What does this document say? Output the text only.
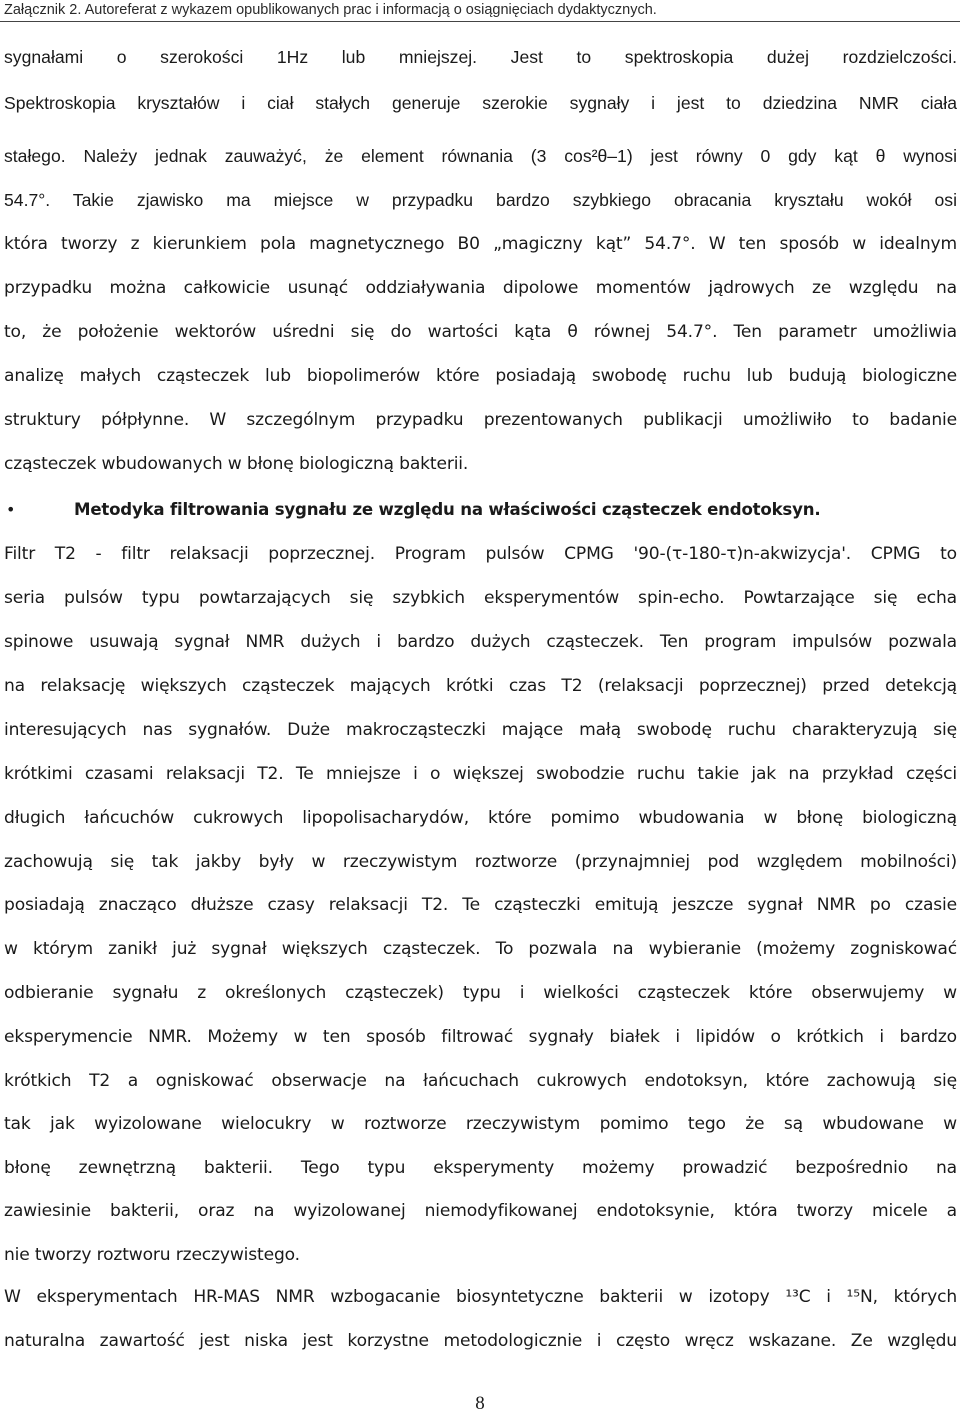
Załącznik 2. Autoreferat z wykazem opublikowanych prac i informacją o osiągnięciach dydaktycznych.
sygnałami o szerokości 1Hz lub mniejszej. Jest to spektroskopia dużej rozdzielczości.
Spektroskopia kryształów i ciał stałych generuje szerokie sygnały i jest to dziedzina NMR ciała
stałego. Należy jednak zauważyć, że element równania (3 cos²θ–1) jest równy 0 gdy kąt θ wynosi
54.7°. Takie zjawisko ma miejsce w przypadku bardzo szybkiego obracania kryształu wokół osi
która tworzy z kierunkiem pola magnetycznego B0 „magiczny kąt” 54.7°. W ten sposób w idealnym
przypadku można całkowicie usunąć oddziaływania dipolowe momentów jądrowych ze względu na
to, że położenie wektorów uśredni się do wartości kąta θ równej 54.7°. Ten parametr umożliwia
analizę małych cząsteczek lub biopolimerów które posiadają swobodę ruchu lub budują biologiczne
struktury półpłynne. W szczególnym przypadku prezentowanych publikacji umożliwiło to badanie
cząsteczek wbudowanych w błonę biologiczną bakterii.
•	Metodyka filtrowania sygnału ze względu na właściwości cząsteczek endotoksyn.
Filtr T2 - filtr relaksacji poprzecznej. Program pulsów CPMG '90-(τ-180-τ)n-akwizycja'. CPMG to
seria pulsów typu powtarzających się szybkich eksperymentów spin-echo. Powtarzające się echa
spinowe usuwają sygnał NMR dużych i bardzo dużych cząsteczek. Ten program impulsów pozwala
na relaksację większych cząsteczek mających krótki czas T2 (relaksacji poprzecznej) przed detekcją
interesujących nas sygnałów. Duże makrocząsteczki mające małą swobodę ruchu charakteryzują się
krótkimi czasami relaksacji T2. Te mniejsze i o większej swobodzie ruchu takie jak na przykład części
długich łańcuchów cukrowych lipopolisacharydów, które pomimo wbudowania w błonę biologiczną
zachowują się tak jakby były w rzeczywistym roztworze (przynajmniej pod względem mobilności)
posiadają znacząco dłuższe czasy relaksacji T2. Te cząsteczki emitują jeszcze sygnał NMR po czasie
w którym zanikł już sygnał większych cząsteczek. To pozwala na wybieranie (możemy zogniskować
odbieranie sygnału z określonych cząsteczek) typu i wielkości cząsteczek które obserwujemy w
eksperymencie NMR. Możemy w ten sposób filtrować sygnały białek i lipidów o krótkich i bardzo
krótkich T2 a ogniskować obserwacje na łańcuchach cukrowych endotoksyn, które zachowują się
tak jak wyizolowane wielocukry w roztworze rzeczywistym pomimo tego że są wbudowane w
błonę zewnętrzną bakterii. Tego typu eksperymenty możemy prowadzić bezpośrednio na
zawiesinie bakterii, oraz na wyizolowanej niemodyfikowanej endotoksynie, która tworzy micele a
nie tworzy roztworu rzeczywistego.
W eksperymentach HR-MAS NMR wzbogacanie biosyntetyczne bakterii w izotopy ¹³C i ¹⁵N, których
naturalna zawartość jest niska jest korzystne metodologicznie i często wręcz wskazane. Ze względu
8
